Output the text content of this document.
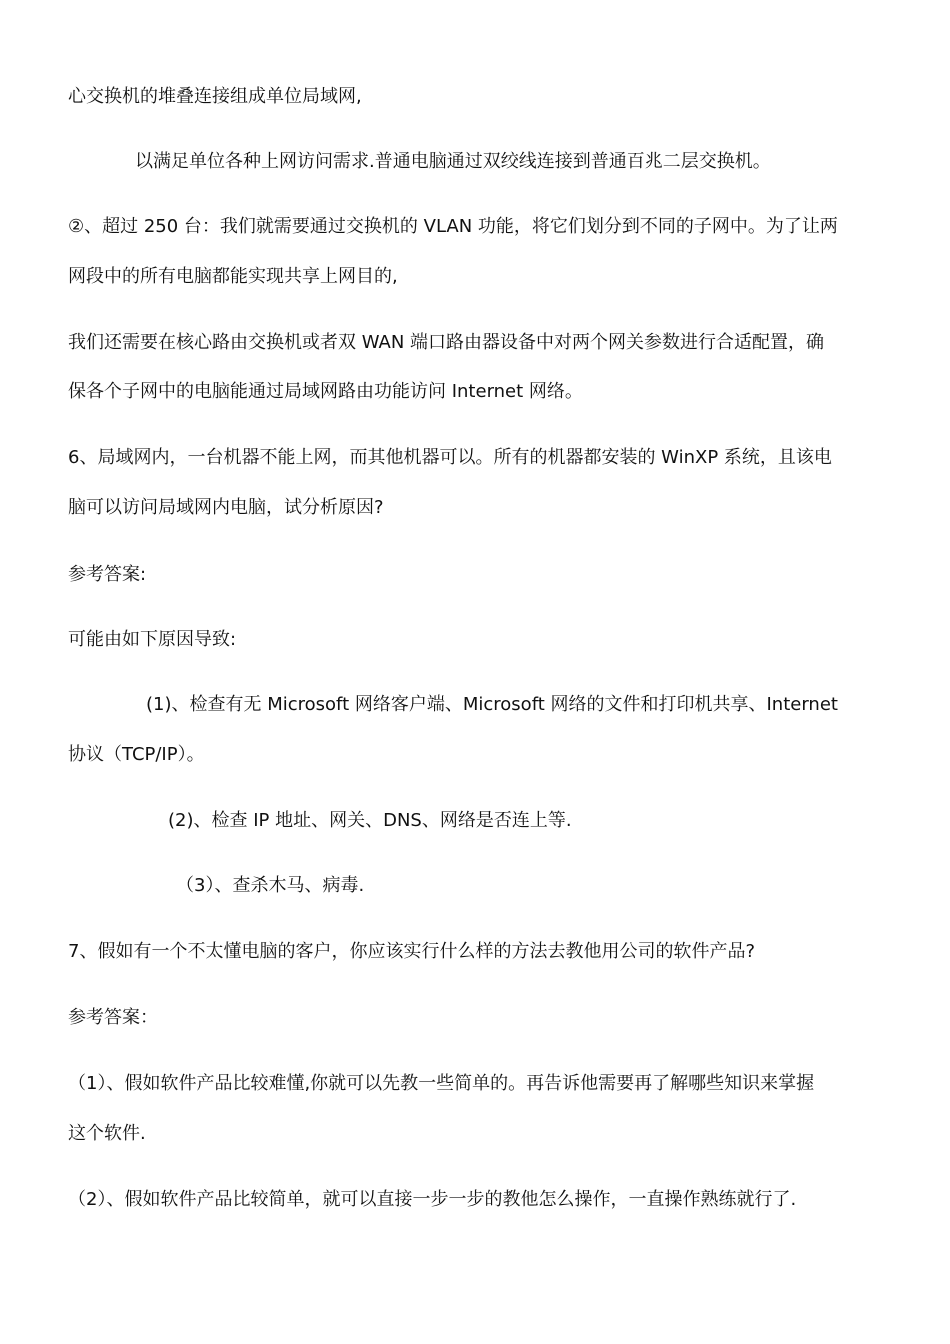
心交换机的堆叠连接组成单位局域网,
以满足单位各种上网访问需求.普通电脑通过双绞线连接到普通百兆二层交换机。
②、超过 250 台：我们就需要通过交换机的 VLAN 功能，将它们划分到不同的子网中。为了让两
网段中的所有电脑都能实现共享上网目的,
我们还需要在核心路由交换机或者双 WAN 端口路由器设备中对两个网关参数进行合适配置，确
保各个子网中的电脑能通过局域网路由功能访问 Internet 网络。
6、局域网内，一台机器不能上网，而其他机器可以。所有的机器都安装的 WinXP 系统，且该电
脑可以访问局域网内电脑，试分析原因?
参考答案:
可能由如下原因导致:
(1)、检查有无 Microsoft 网络客户端、Microsoft 网络的文件和打印机共享、Internet
协议（TCP/IP）。
(2)、检查 IP 地址、网关、DNS、网络是否连上等.
（3）、查杀木马、病毒.
7、假如有一个不太懂电脑的客户，你应该实行什么样的方法去教他用公司的软件产品?
参考答案：
（1）、假如软件产品比较难懂,你就可以先教一些简单的。再告诉他需要再了解哪些知识来掌握
这个软件.
（2）、假如软件产品比较简单，就可以直接一步一步的教他怎么操作，一直操作熟练就行了.
